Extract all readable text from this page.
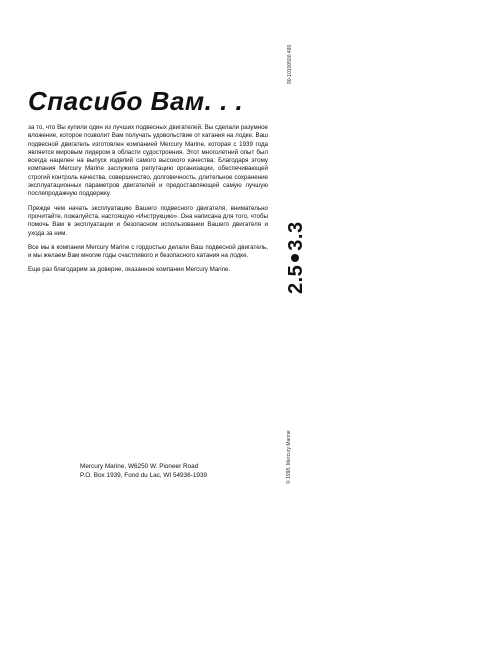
90-10100500 499
Спасибо Вам. . .

за то, что Вы купили один из лучших подвесных двигателей. Вы сделали разумное вложение, которое позволит Вам получать удовольствие от катания на лодке. Ваш подвесной двигатель изготовлен компанией Mercury Marine, которая с 1939 года является мировым лидером в области судостроения. Этот многолетний опыт был всегда нацелен на выпуск изделий самого высокого качества. Благодаря этому компания Mercury Marine заслужила репутацию организации, обеспечивающей строгий контроль качества, совершенство, долговечность, длительное сохранение эксплуатационных параметров двигателей и предоставляющей самую лучшую послепродажную поддержку.

Прежде чем начать эксплуатацию Вашего подвесного двигателя, внимательно прочитайте, пожалуйста, настоящую «Инструкцию». Она написана для того, чтобы помочь Вам в эксплуатации и безопасном использовании Вашего двигателя и ухода за ним.

Все мы в компании Mercury Marine с гордостью делали Ваш подвесной двигатель, и мы желаем Вам многие годы счастливого и безопасного катания на лодке.

Еще раз благодарим за доверие, оказанное компании Mercury Marine.

Mercury Marine, W6250 W. Pioneer Road
P.O. Box 1939, Fond du Lac, WI 54936-1939
2.53.3
© 1998, Mercury Marine
